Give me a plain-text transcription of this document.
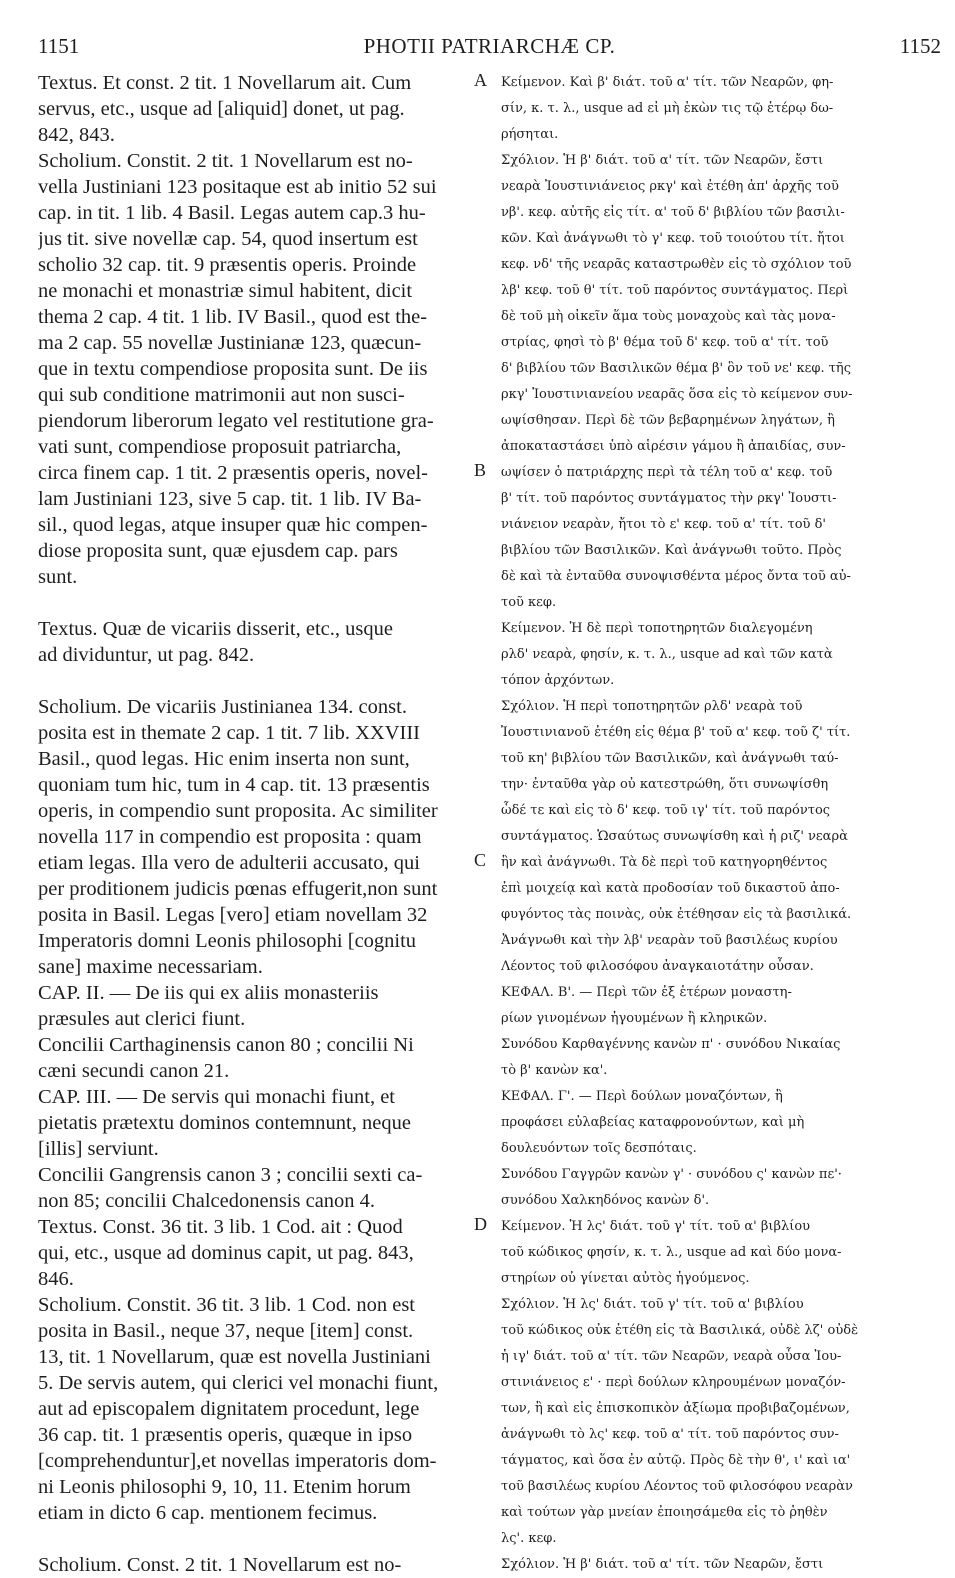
1151	PHOTII PATRIARCHÆ CP.	1152
Textus. Et const. 2 tit. 1 Novellarum ait. Cum
servus, etc., usque ad [aliquid] donet, ut pag.
842, 843.
Scholium. Constit. 2 tit. 1 Novellarum est no-
vella Justiniani 123 positaque est ab initio 52 sui
cap. in tit. 1 lib. 4 Basil. Legas autem cap.3 hu-
jus tit. sive novellæ cap. 54, quod insertum est
scholio 32 cap. tit. 9 præsentis operis. Proinde
ne monachi et monastriæ simul habitent, dicit
thema 2 cap. 4 tit. 1 lib. IV Basil., quod est the-
ma 2 cap. 55 novellæ Justinianæ 123, quæcun-
que in textu compendiose proposita sunt. De iis
qui sub conditione matrimonii aut non susci-
piendorum liberorum legato vel restitutione gra-
vati sunt, compendiose proposuit patriarcha,
circa finem cap. 1 tit. 2 præsentis operis, novel-
lam Justiniani 123, sive 5 cap. tit. 1 lib. IV Ba-
sil., quod legas, atque insuper quæ hic compen-
diose proposita sunt, quæ ejusdem cap. pars
sunt.
Textus. Quæ de vicariis disserit, etc., usque
ad dividuntur, ut pag. 842.
Scholium. De vicariis Justinianea 134. const.
posita est in themate 2 cap. 1 tit. 7 lib. XXVIII
Basil., quod legas. Hic enim inserta non sunt,
quoniam tum hic, tum in 4 cap. tit. 13 præsentis
operis, in compendio sunt proposita. Ac similiter
novella 117 in compendio est proposita : quam
etiam legas. Illa vero de adulterii accusato, qui
per proditionem judicis pœnas effugerit,non sunt
posita in Basil. Legas [vero] etiam novellam 32
Imperatoris domni Leonis philosophi [cognitu
sane] maxime necessariam.
CAP. II. — De iis qui ex aliis monasteriis
præsules aut clerici fiunt.
Concilii Carthaginensis canon 80 ; concilii Ni
cæni secundi canon 21.
CAP. III. — De servis qui monachi fiunt, et
pietatis prætextu dominos contemnunt, neque
[illis] serviunt.
Concilii Gangrensis canon 3 ; concilii sexti ca-
non 85; concilii Chalcedonensis canon 4.
Textus. Const. 36 tit. 3 lib. 1 Cod. ait : Quod
qui, etc., usque ad dominus capit, ut pag. 843,
846.
Scholium. Constit. 36 tit. 3 lib. 1 Cod. non est
posita in Basil., neque 37, neque [item] const.
13, tit. 1 Novellarum, quæ est novella Justiniani
5. De servis autem, qui clerici vel monachi fiunt,
aut ad episcopalem dignitatem procedunt, lege
36 cap. tit. 1 præsentis operis, quæque in ipso
[comprehenduntur],et novellas imperatoris dom-
ni Leonis philosophi 9, 10, 11. Etenim horum
etiam in dicto 6 cap. mentionem fecimus.
Scholium. Const. 2 tit. 1 Novellarum est no-
A
B
C
D
Κείμενον. Καὶ β' διάτ. τοῦ α' τίτ. τῶν Νεαρῶν, φη-
σίν, κ. τ. λ., usque ad εἰ μὴ ἑκὼν τις τῷ ἑτέρῳ δω-
ρήσηται.
Σχόλιον. Ἡ β' διάτ. τοῦ α' τίτ. τῶν Νεαρῶν, ἔστι
νεαρὰ Ἰουστινιάνειος ρκγ' καὶ ἐτέθη ἀπ' ἀρχῆς τοῦ
νβ'. κεφ. αὐτῆς εἰς τίτ. α' τοῦ δ' βιβλίου τῶν βασιλι-
κῶν. Καὶ ἀνάγνωθι τὸ γ' κεφ. τοῦ τοιούτου τίτ. ἤτοι
κεφ. νδ' τῆς νεαρᾶς καταστρωθὲν εἰς τὸ σχόλιον τοῦ
λβ' κεφ. τοῦ θ' τίτ. τοῦ παρόντος συντάγματος. Περὶ
δὲ τοῦ μὴ οἰκεῖν ἅμα τοὺς μοναχοὺς καὶ τὰς μονα-
στρίας, φησὶ τὸ β' θέμα τοῦ δ' κεφ. τοῦ α' τίτ. τοῦ
δ' βιβλίου τῶν Βασιλικῶν θέμα β' ὃν τοῦ νε' κεφ. τῆς
ρκγ' Ἰουστινιανείου νεαρᾶς ὅσα εἰς τὸ κείμενον συν-
ωψίσθησαν. Περὶ δὲ τῶν βεβαρημένων ληγάτων, ἢ
ἀποκαταστάσει ὑπὸ αἱρέσιν γάμου ἢ ἀπαιδίας, συν-
ωψίσεν ὁ πατριάρχης περὶ τὰ τέλη τοῦ α' κεφ. τοῦ
β' τίτ. τοῦ παρόντος συντάγματος τὴν ρκγ' Ἰουστι-
νιάνειον νεαρὰν, ἤτοι τὸ ε' κεφ. τοῦ α' τίτ. τοῦ δ'
βιβλίου τῶν Βασιλικῶν. Καὶ ἀνάγνωθι τοῦτο. Πρὸς
δὲ καὶ τὰ ἐνταῦθα συνοψισθέντα μέρος ὄντα τοῦ αὐ-
τοῦ κεφ.
Κείμενον. Ἡ δὲ περὶ τοποτηρητῶν διαλεγομένη
ρλδ' νεαρὰ, φησίν, κ. τ. λ., usque ad καὶ τῶν κατὰ
τόπον ἀρχόντων.
Σχόλιον. Ἡ περὶ τοποτηρητῶν ρλδ' νεαρὰ τοῦ
Ἰουστινιανοῦ ἐτέθη εἰς θέμα β' τοῦ α' κεφ. τοῦ ζ' τίτ.
τοῦ κη' βιβλίου τῶν Βασιλικῶν, καὶ ἀνάγνωθι ταύ-
την· ἐνταῦθα γὰρ οὐ κατεστρώθη, ὅτι συνωψίσθη
ὧδέ τε καὶ εἰς τὸ δ' κεφ. τοῦ ιγ' τίτ. τοῦ παρόντος
συντάγματος. Ὡσαύτως συνωψίσθη καὶ ἡ ριζ' νεαρὰ
ἣν καὶ ἀνάγνωθι. Τὰ δὲ περὶ τοῦ κατηγορηθέντος
ἐπὶ μοιχείᾳ καὶ κατὰ προδοσίαν τοῦ δικαστοῦ ἀπο-
φυγόντος τὰς ποινὰς, οὐκ ἐτέθησαν εἰς τὰ βασιλικά.
Ἀνάγνωθι καὶ τὴν λβ' νεαρὰν τοῦ βασιλέως κυρίου
Λέοντος τοῦ φιλοσόφου ἀναγκαιοτάτην οὖσαν.
ΚΕΦΑΛ. Β'. — Περὶ τῶν ἐξ ἑτέρων μοναστη-
ρίων γινομένων ἡγουμένων ἢ κληρικῶν.
Συνόδου Καρθαγέννης κανὼν π' · συνόδου Νικαίας
τὸ β' κανὼν κα'.
ΚΕΦΑΛ. Γ'. — Περὶ δούλων μοναζόντων, ἢ
προφάσει εὐλαβείας καταφρονούντων, καὶ μὴ
δουλευόντων τοῖς δεσπόταις.
Συνόδου Γαγγρῶν κανὼν γ' · συνόδου ς' κανὼν πε'·
συνόδου Χαλκηδόνος κανὼν δ'.
Κείμενον. Ἡ λς' διάτ. τοῦ γ' τίτ. τοῦ α' βιβλίου
τοῦ κώδικος φησίν, κ. τ. λ., usque ad καὶ δύο μονα-
στηρίων οὐ γίνεται αὐτὸς ἡγούμενος.
Σχόλιον. Ἡ λς' διάτ. τοῦ γ' τίτ. τοῦ α' βιβλίου
τοῦ κώδικος οὐκ ἐτέθη εἰς τὰ Βασιλικά, οὐδὲ λζ' οὐδὲ
ἡ ιγ' διάτ. τοῦ α' τίτ. τῶν Νεαρῶν, νεαρὰ οὖσα Ἰου-
στινιάνειος ε' · περὶ δούλων κληρουμένων μοναζόν-
των, ἢ καὶ εἰς ἐπισκοπικὸν ἀξίωμα προβιβαζομένων,
ἀνάγνωθι τὸ λς' κεφ. τοῦ α' τίτ. τοῦ παρόντος συν-
τάγματος, καὶ ὅσα ἐν αὐτῷ. Πρὸς δὲ τὴν θ', ι' καὶ ια'
τοῦ βασιλέως κυρίου Λέοντος τοῦ φιλοσόφου νεαρὰν
καὶ τούτων γὰρ μνείαν ἐποιησάμεθα εἰς τὸ ῥηθὲν
λς'. κεφ.
Σχόλιον. Ἡ β' διάτ. τοῦ α' τίτ. τῶν Νεαρῶν, ἔστι
